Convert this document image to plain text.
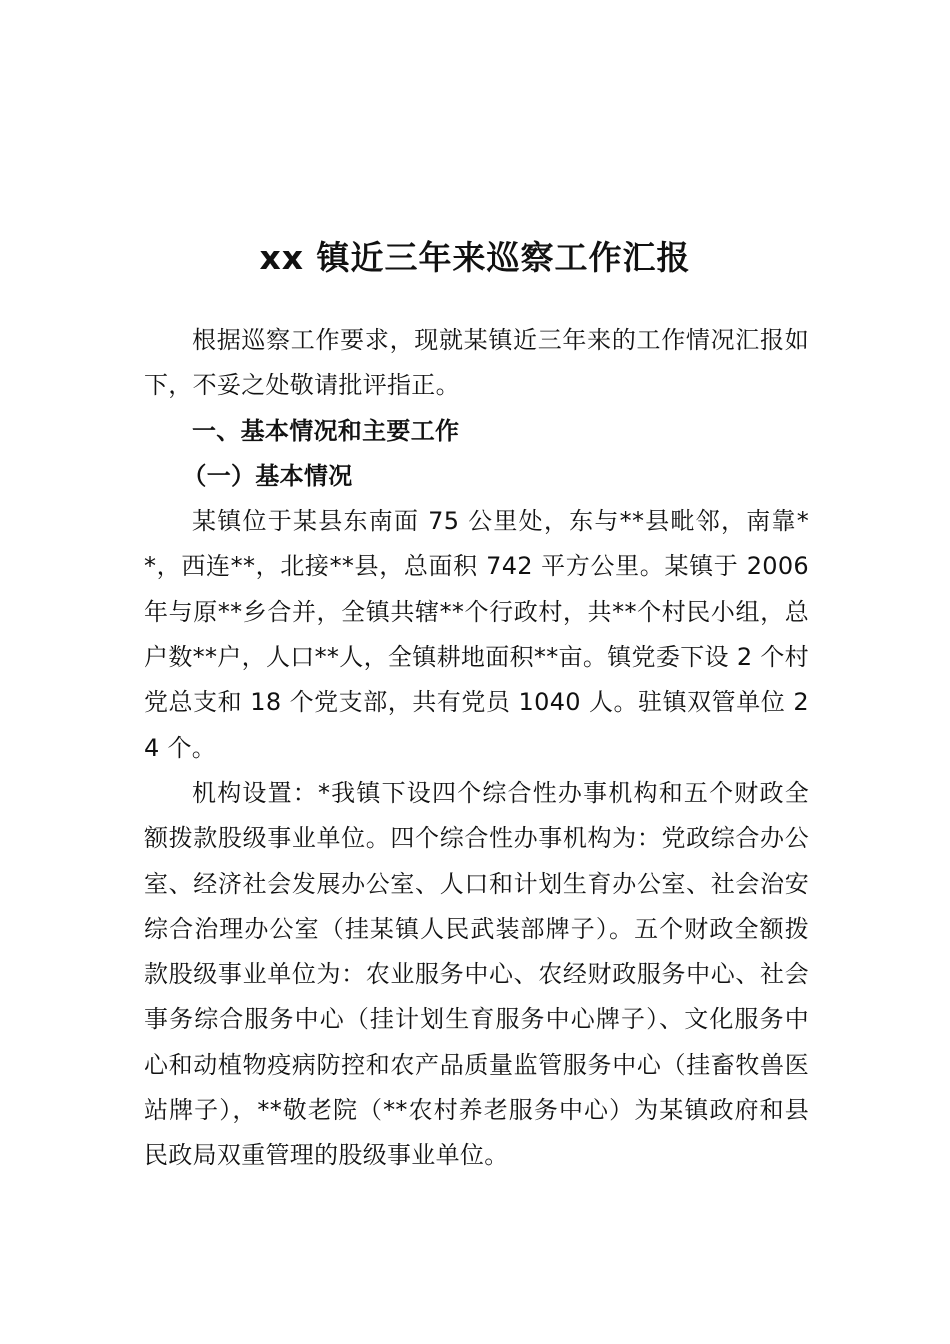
xx 镇近三年来巡察工作汇报

根据巡察工作要求，现就某镇近三年来的工作情况汇报如下，不妥之处敬请批评指正。

一、基本情况和主要工作

（一）基本情况

某镇位于某县东南面 75 公里处，东与**县毗邻，南靠**，西连**，北接**县，总面积 742 平方公里。某镇于 2006 年与原**乡合并，全镇共辖**个行政村，共**个村民小组，总户数**户，人口**人，全镇耕地面积**亩。镇党委下设 2 个村党总支和 18 个党支部，共有党员 1040 人。驻镇双管单位 24 个。

机构设置：*我镇下设四个综合性办事机构和五个财政全额拨款股级事业单位。四个综合性办事机构为：党政综合办公室、经济社会发展办公室、人口和计划生育办公室、社会治安综合治理办公室（挂某镇人民武装部牌子）。五个财政全额拨款股级事业单位为：农业服务中心、农经财政服务中心、社会事务综合服务中心（挂计划生育服务中心牌子）、文化服务中心和动植物疫病防控和农产品质量监管服务中心（挂畜牧兽医站牌子），**敬老院（**农村养老服务中心）为某镇政府和县民政局双重管理的股级事业单位。
